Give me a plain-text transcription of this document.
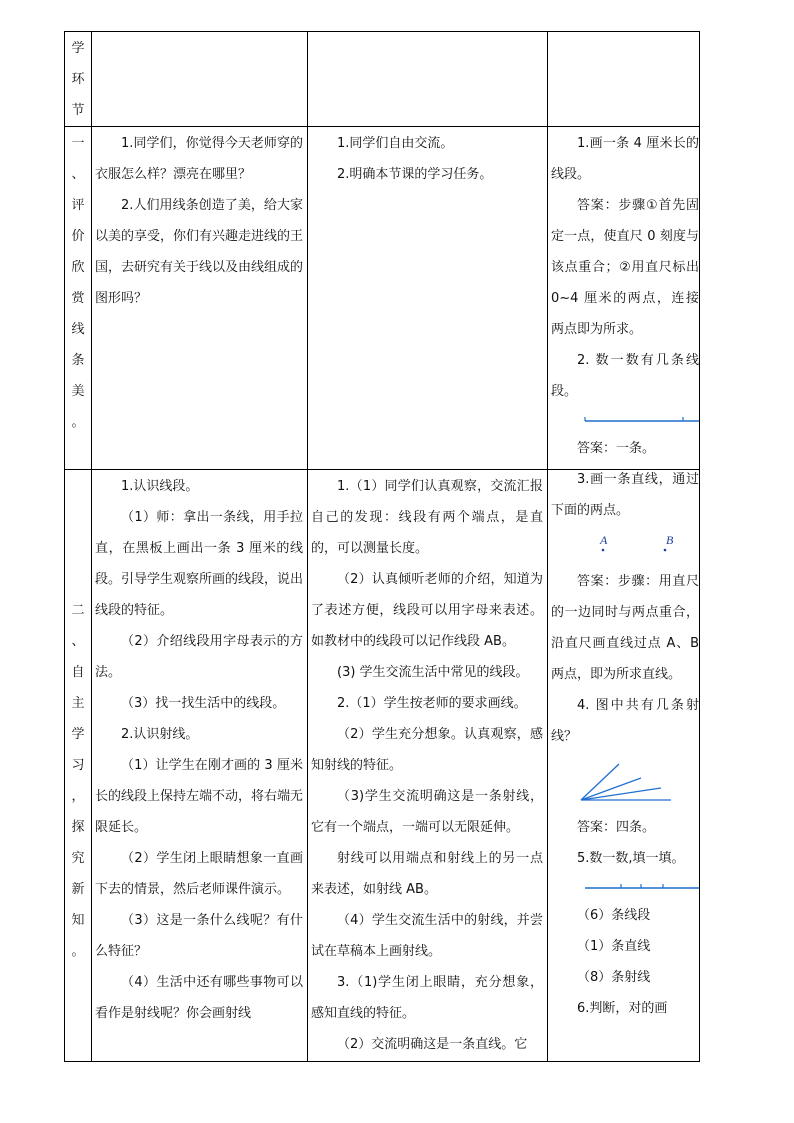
学
环
节
一
、
评
价
欣
赏
线
条
美
。

1.同学们，你觉得今天老师穿的衣服怎么样？漂亮在哪里？

2.人们用线条创造了美，给大家以美的享受，你们有兴趣走进线的王国，去研究有关于线以及由线组成的图形吗？

1.同学们自由交流。

2.明确本节课的学习任务。

二
、
自
主
学
习
，
探
究
新
知
。

1.认识线段。

（1）师：拿出一条线，用手拉直，在黑板上画出一条 3 厘米的线段。引导学生观察所画的线段，说出线段的特征。

（2）介绍线段用字母表示的方法。

（3）找一找生活中的线段。

2.认识射线。

（1）让学生在刚才画的 3 厘米长的线段上保持左端不动，将右端无限延长。

（2）学生闭上眼睛想象一直画下去的情景，然后老师课件演示。

（3）这是一条什么线呢？有什么特征？

（4）生活中还有哪些事物可以看作是射线呢？你会画射线

1.（1）同学们认真观察，交流汇报自己的发现：线段有两个端点，是直的，可以测量长度。

（2）认真倾听老师的介绍，知道为了表述方便，线段可以用字母来表述。如教材中的线段可以记作线段 AB。

(3) 学生交流生活中常见的线段。

2.（1）学生按老师的要求画线。

（2）学生充分想象。认真观察，感知射线的特征。

（3)学生交流明确这是一条射线，它有一个端点，一端可以无限延伸。

射线可以用端点和射线上的另一点来表述，如射线 AB。

（4）学生交流生活中的射线，并尝试在草稿本上画射线。

3.（1)学生闭上眼睛，充分想象，感知直线的特征。

（2）交流明确这是一条直线。它

1.画一条 4 厘米长的线段。

答案：步骤①首先固定一点，使直尺 0 刻度与该点重合；②用直尺标出0~4 厘米的两点，连接两点即为所求。

2. 数一数有几条线段。

答案：一条。

3.画一条直线，通过下面的两点。

A	B

答案：步骤：用直尺的一边同时与两点重合，沿直尺画直线过点 A、B 两点，即为所求直线。

4. 图中共有几条射线？

答案：四条。

5.数一数,填一填。

（6）条线段

（1）条直线

（8）条射线

6.判断，对的画
